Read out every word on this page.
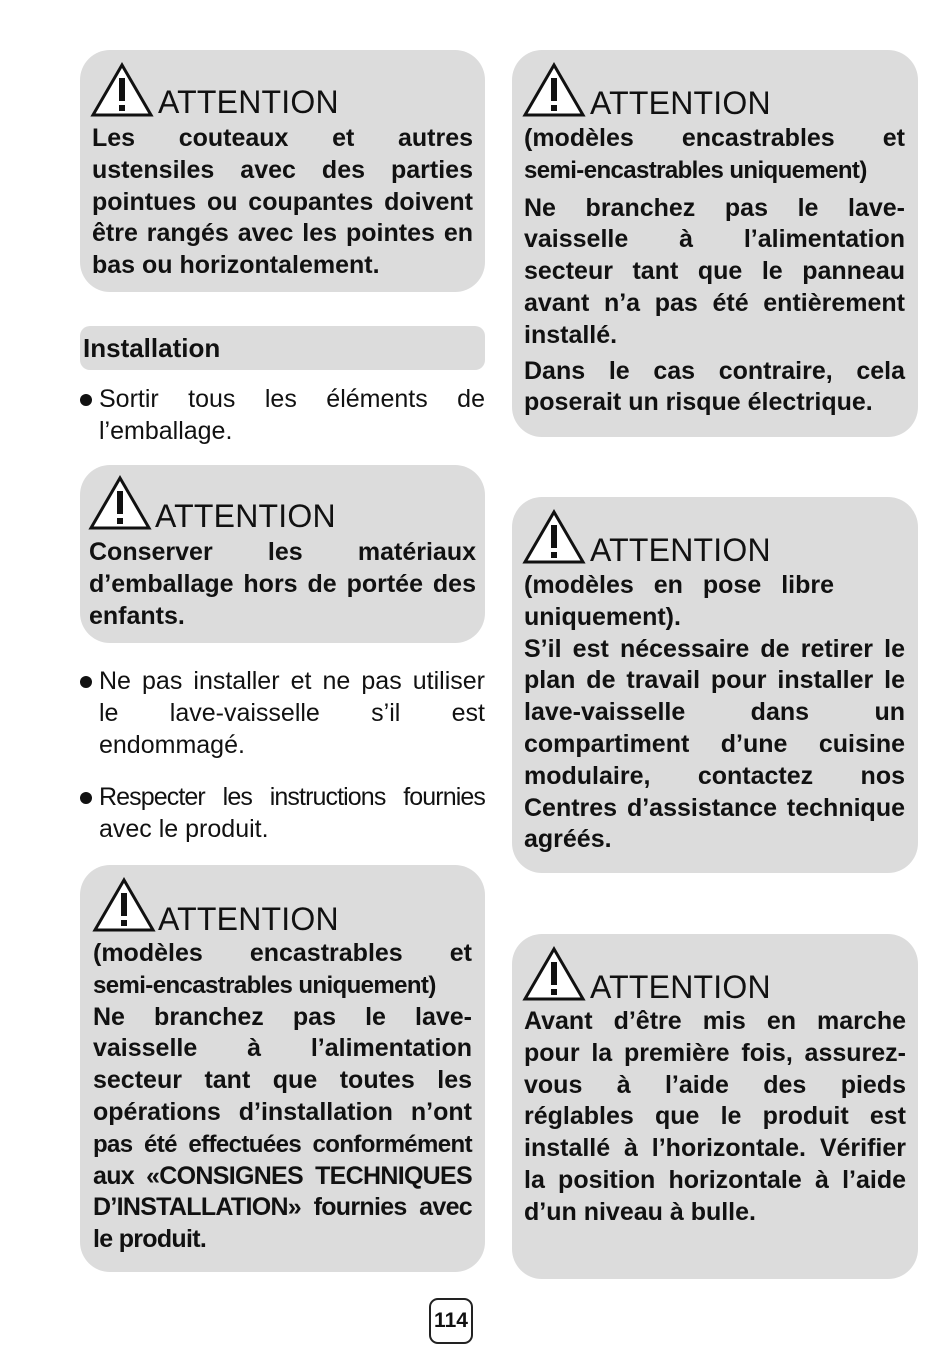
ATTENTION

Les couteaux et autres ustensiles avec des parties pointues ou coupantes doivent être rangés avec les pointes en bas ou horizontalement.

Installation
Sortir tous les éléments de l’emballage.
ATTENTION

Conserver les matériaux d’emballage hors de portée des enfants.

Ne pas installer et ne pas utiliser le lave-vaisselle s’il est endommagé.
Respecter les instructions fournies
avec le produit.
ATTENTION

(modèles encastrables et

semi-encastrables uniquement)

Ne branchez pas le lave-vaisselle à l’alimentation secteur tant que toutes les opérations d’installation n’ont

pas été effectuées conformément

aux «CONSIGNES TECHNIQUES D’INSTALLATION» fournies avec le produit.

ATTENTION

(modèles encastrables et

semi-encastrables uniquement)

Ne branchez pas le lave-vaisselle à l’alimentation secteur tant que le panneau avant n’a pas été entièrement installé.

Dans le cas contraire, cela poserait un risque électrique.

ATTENTION

(modèles en pose libre uniquement).

S’il est nécessaire de retirer le plan de travail pour installer le lave-vaisselle dans un compartiment d’une cuisine modulaire, contactez nos Centres d’assistance technique agréés.

ATTENTION

Avant d’être mis en marche pour la première fois, assurez-vous à l’aide des pieds réglables que le produit est installé à l’horizontale. Vérifier la position horizontale à l’aide d’un niveau à bulle.

114
